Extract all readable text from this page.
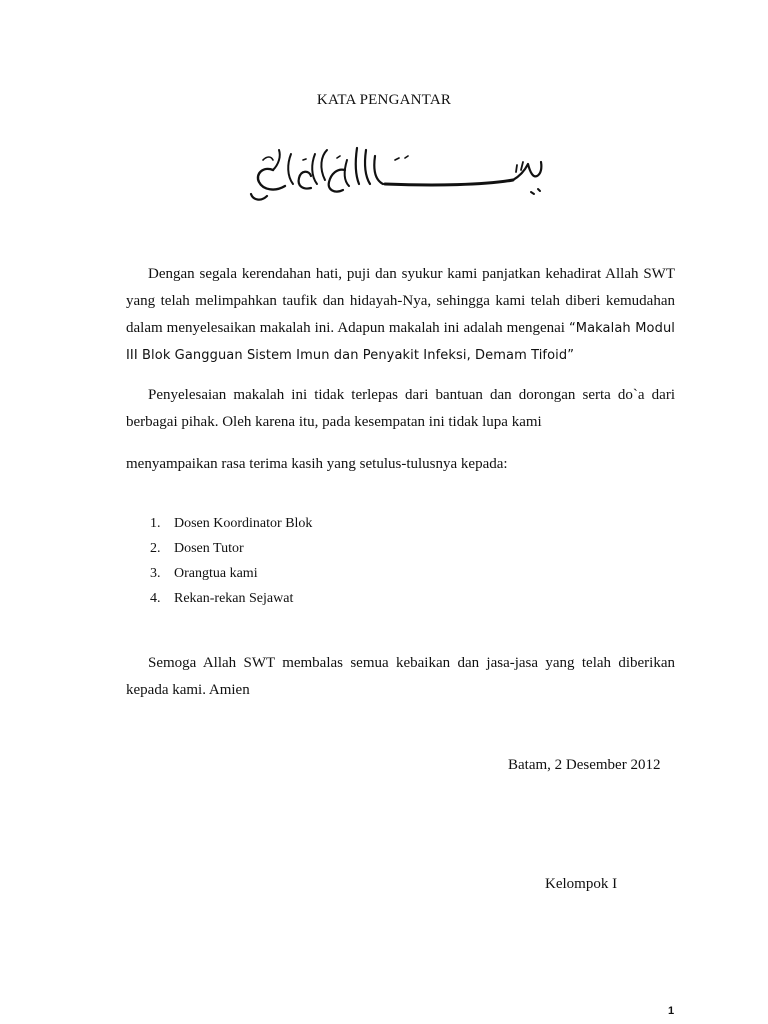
KATA PENGANTAR
بسم الله الرحمن الرحيم

Dengan segala kerendahan hati, puji dan syukur kami panjatkan kehadirat Allah SWT yang telah melimpahkan taufik dan hidayah-Nya, sehingga kami telah diberi kemudahan dalam menyelesaikan makalah ini. Adapun makalah ini adalah mengenai “Makalah Modul III Blok Gangguan Sistem Imun dan Penyakit Infeksi, Demam Tifoid”

Penyelesaian makalah ini tidak terlepas dari bantuan dan dorongan serta do`a dari berbagai pihak. Oleh karena itu, pada kesempatan ini tidak lupa kami

menyampaikan rasa terima kasih yang setulus-tulusnya kepada:

1. Dosen Koordinator Blok
2. Dosen Tutor
3. Orangtua kami
4. Rekan-rekan Sejawat

Semoga Allah SWT membalas semua kebaikan dan jasa-jasa yang telah diberikan kepada kami. Amien

Batam, 2 Desember 2012
Kelompok I
1
